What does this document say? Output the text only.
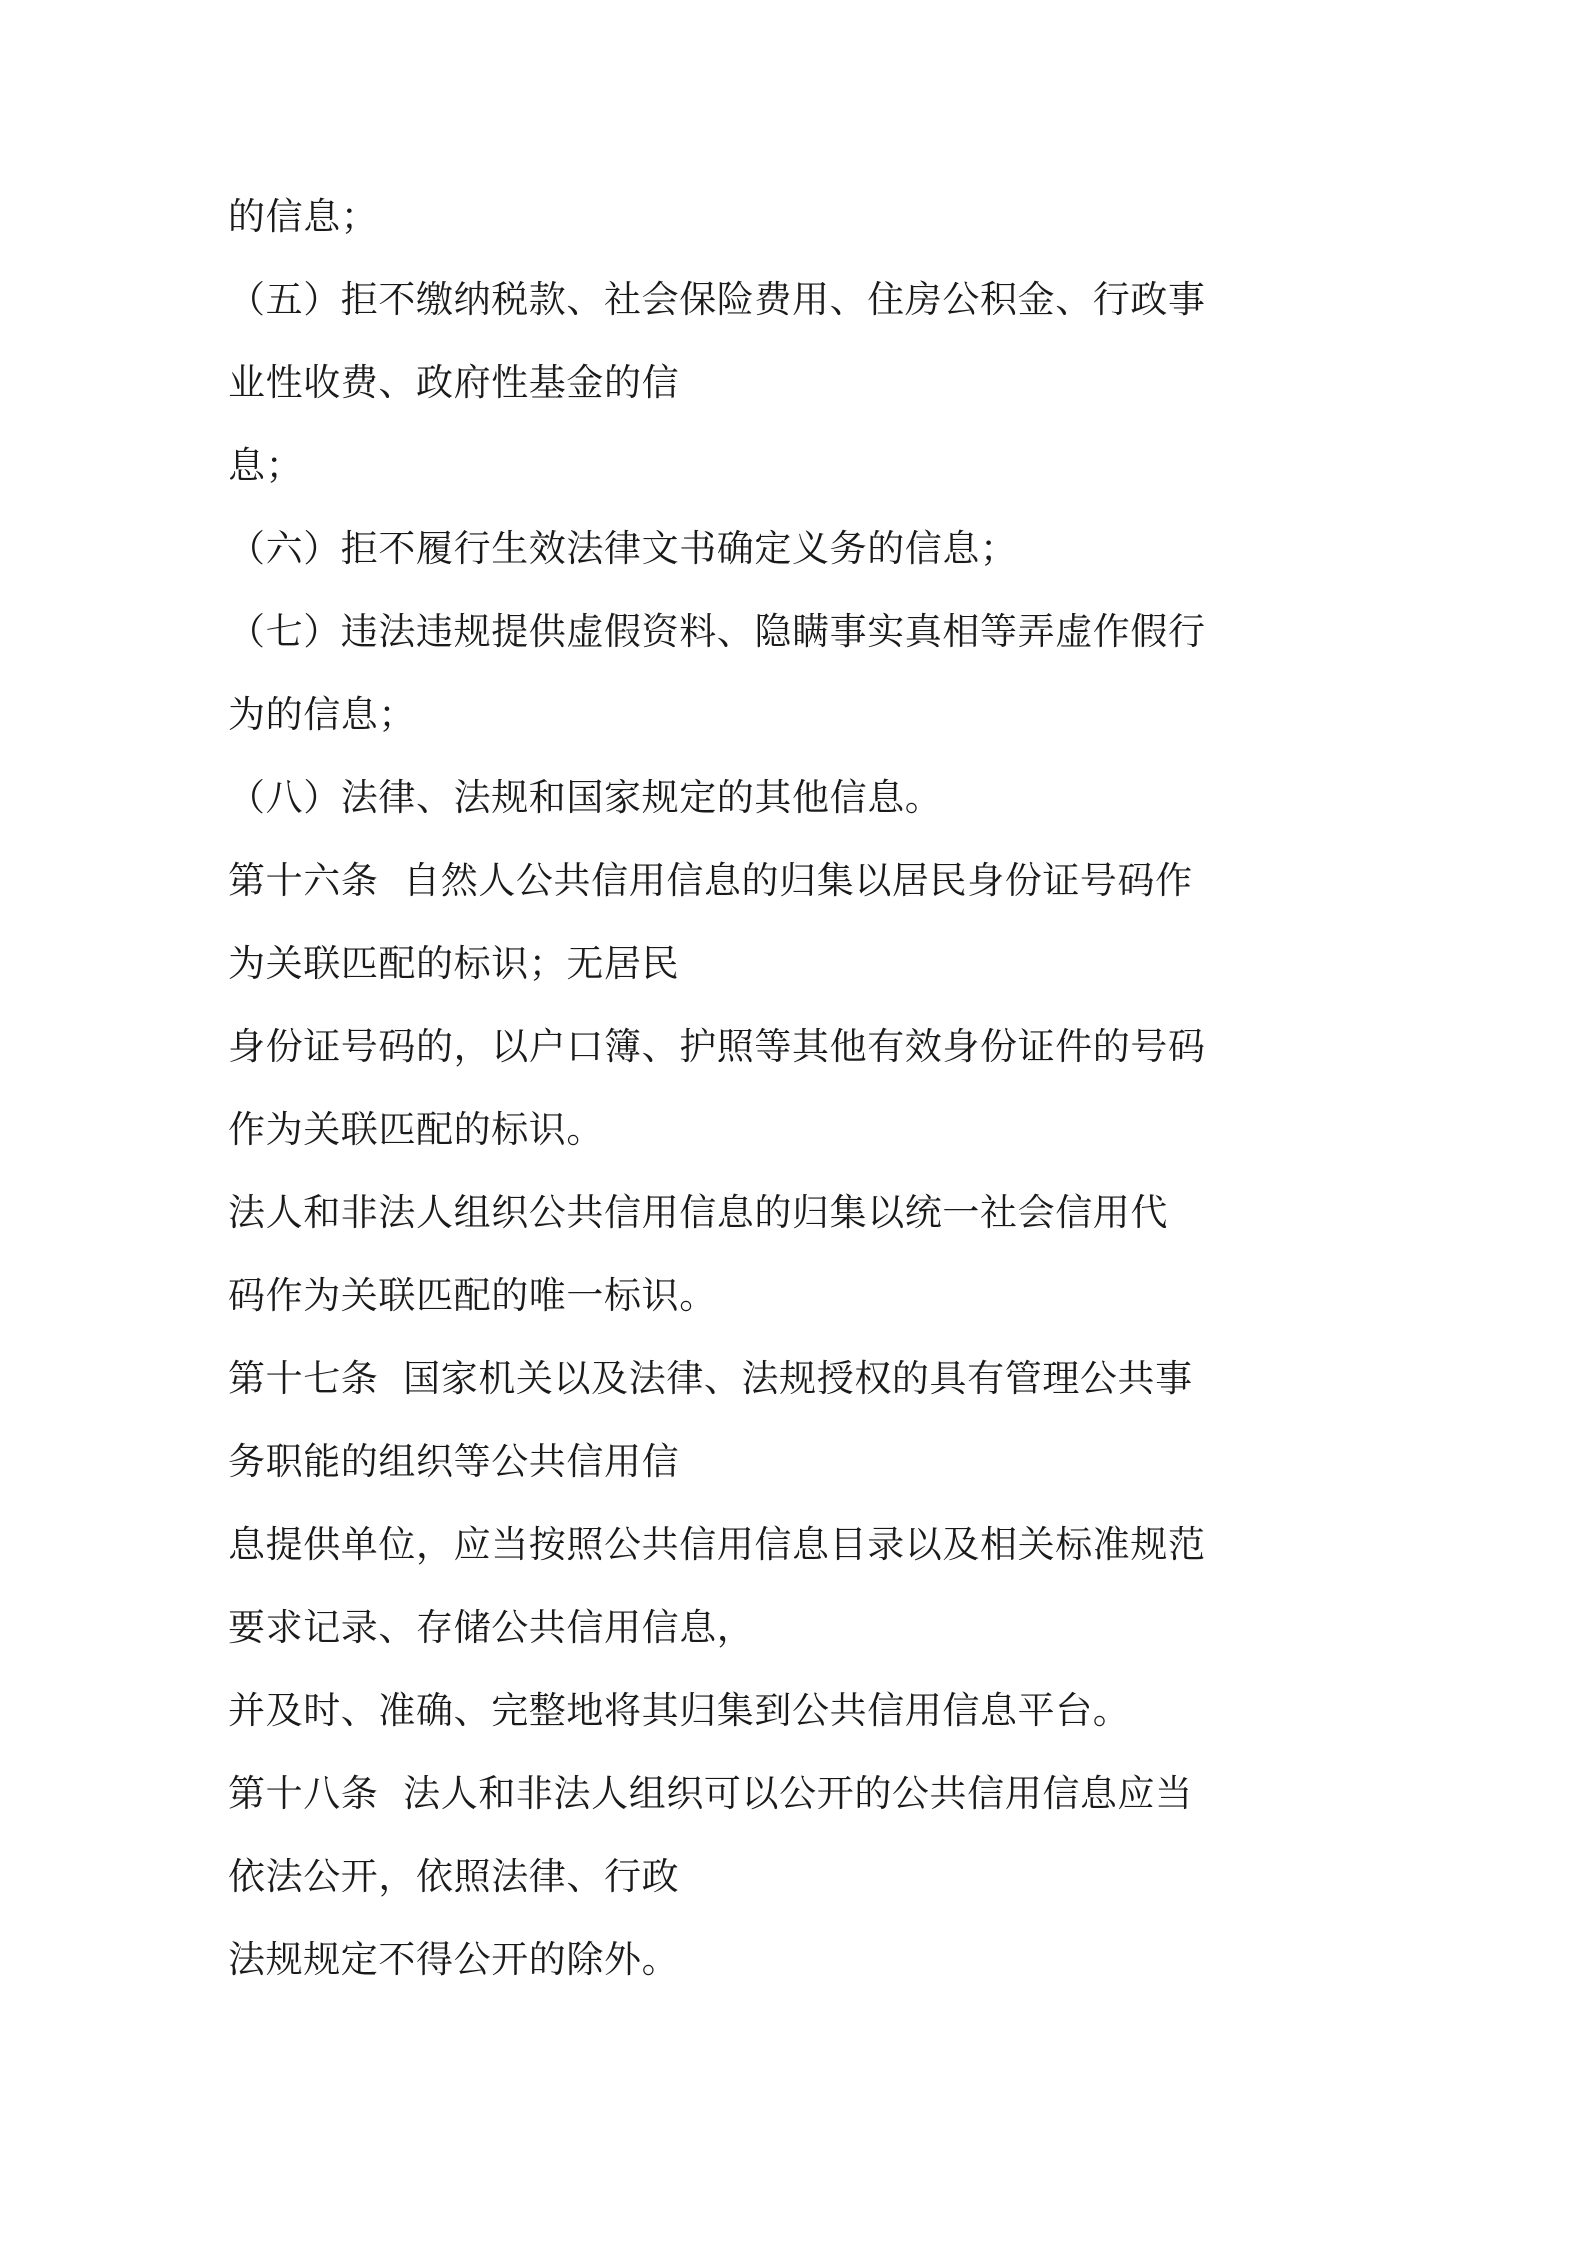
的信息；

（五）拒不缴纳税款、社会保险费用、住房公积金、行政事

业性收费、政府性基金的信

息；

（六）拒不履行生效法律文书确定义务的信息；

（七）违法违规提供虚假资料、隐瞒事实真相等弄虚作假行

为的信息；

（八）法律、法规和国家规定的其他信息。

第十六条  自然人公共信用信息的归集以居民身份证号码作

为关联匹配的标识；无居民

身份证号码的，以户口簿、护照等其他有效身份证件的号码

作为关联匹配的标识。

法人和非法人组织公共信用信息的归集以统一社会信用代

码作为关联匹配的唯一标识。

第十七条  国家机关以及法律、法规授权的具有管理公共事

务职能的组织等公共信用信

息提供单位，应当按照公共信用信息目录以及相关标准规范

要求记录、存储公共信用信息，

并及时、准确、完整地将其归集到公共信用信息平台。

第十八条  法人和非法人组织可以公开的公共信用信息应当

依法公开，依照法律、行政

法规规定不得公开的除外。
